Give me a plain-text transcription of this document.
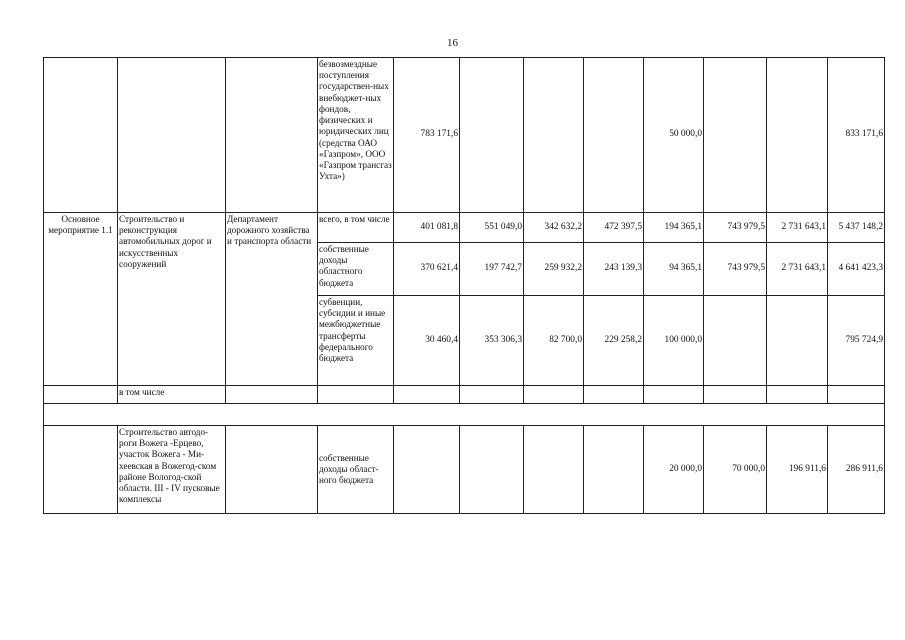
16

			безвозмездные поступления государствен-ных внебюджет-ных фондов, физических и юридических лиц (средства ОАО «Газпром», ООО «Газпром трансгаз Ухта»)	783 171,6				50 000,0			833 171,6
Основное мероприятие 1.1	Строительство и реконструкция автомобильных дорог и искусственных сооружений	Департамент дорожного хозяйства и транспорта области	всего, в том числе	401 081,8	551 049,0	342 632,2	472 397,5	194 365,1	743 979,5	2 731 643,1	5 437 148,2
			собственные доходы областного бюджета	370 621,4	197 742,7	259 932,2	243 139,3	94 365,1	743 979,5	2 731 643,1	4 641 423,3
			субвенции, субсидии и иные межбюджетные трансферты федерального бюджета	30 460,4	353 306,3	82 700,0	229 258,2	100 000,0			795 724,9
	в том числе										

	Строительство автодо-роги Вожега -Ерцево, участок Вожега - Ми-хеевская в Вожегод-ском районе Вологод-ской области. III - IV пусковые комплексы		собственные доходы област-ного бюджета					20 000,0	70 000,0	196 911,6	286 911,6
